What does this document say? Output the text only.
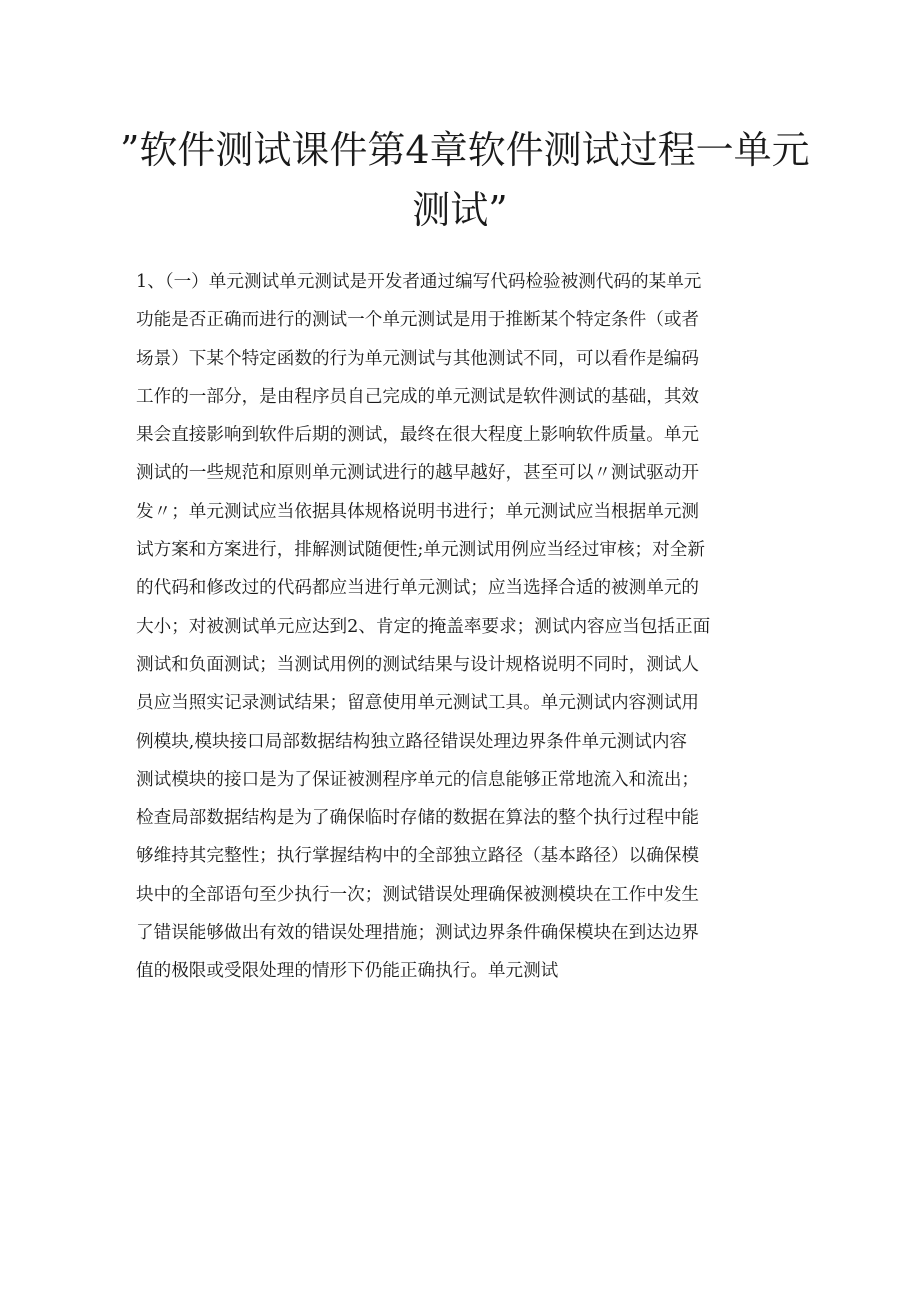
”软件测试课件第4章软件测试过程一单元
测试”
1、（一）单元测试单元测试是开发者通过编写代码检验被测代码的某单元
功能是否正确而进行的测试一个单元测试是用于推断某个特定条件（或者
场景）下某个特定函数的行为单元测试与其他测试不同，可以看作是编码
工作的一部分，是由程序员自己完成的单元测试是软件测试的基础，其效
果会直接影响到软件后期的测试，最终在很大程度上影响软件质量。单元
测试的一些规范和原则单元测试进行的越早越好，甚至可以〃测试驱动开
发〃；单元测试应当依据具体规格说明书进行；单元测试应当根据单元测
试方案和方案进行，排解测试随便性;单元测试用例应当经过审核；对全新
的代码和修改过的代码都应当进行单元测试；应当选择合适的被测单元的
大小；对被测试单元应达到2、肯定的掩盖率要求；测试内容应当包括正面
测试和负面测试；当测试用例的测试结果与设计规格说明不同时，测试人
员应当照实记录测试结果；留意使用单元测试工具。单元测试内容测试用
例模块,模块接口局部数据结构独立路径错误处理边界条件单元测试内容
测试模块的接口是为了保证被测程序单元的信息能够正常地流入和流出；
检查局部数据结构是为了确保临时存储的数据在算法的整个执行过程中能
够维持其完整性；执行掌握结构中的全部独立路径（基本路径）以确保模
块中的全部语句至少执行一次；测试错误处理确保被测模块在工作中发生
了错误能够做出有效的错误处理措施；测试边界条件确保模块在到达边界
值的极限或受限处理的情形下仍能正确执行。单元测试
